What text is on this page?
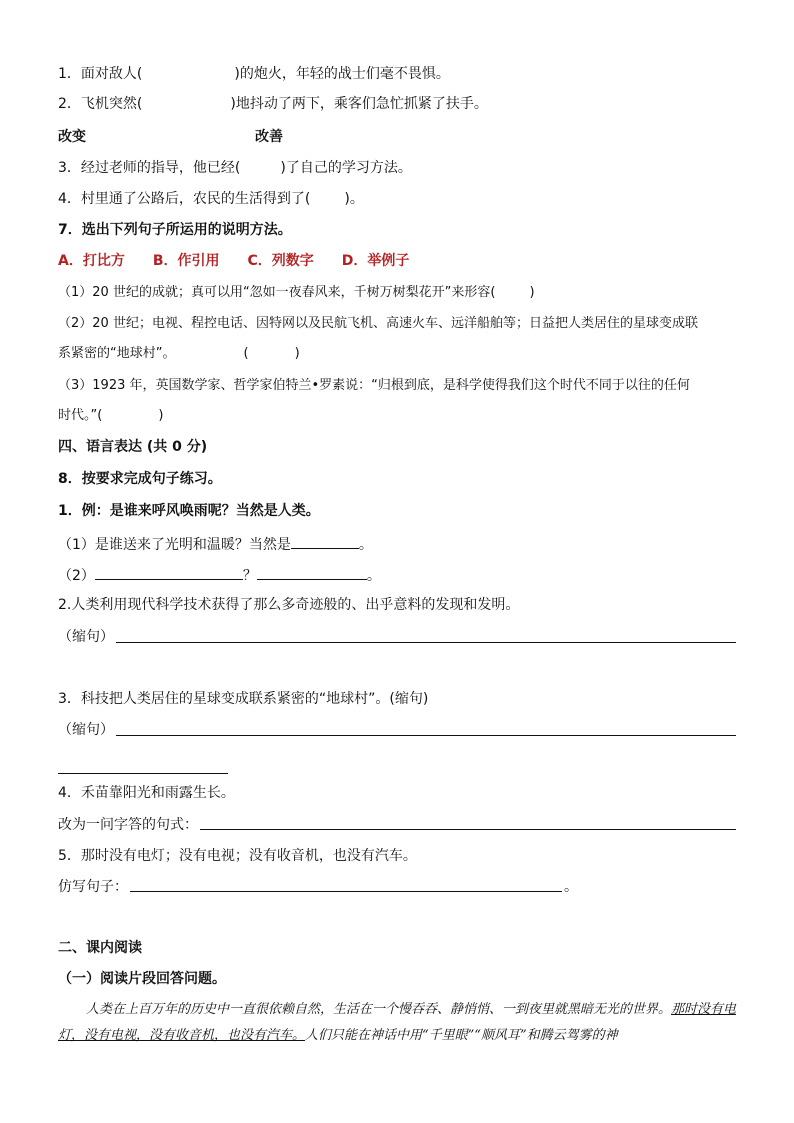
1．面对敌人(	)的炮火，年轻的战士们毫不畏惧。
2．飞机突然(	)地抖动了两下，乘客们急忙抓紧了扶手。
改变	改善
3．经过老师的指导，他已经(	)了自己的学习方法。
4．村里通了公路后，农民的生活得到了( )。
7．选出下列句子所运用的说明方法。
A．打比方 B．作引用 C．列数字 D．举例子
（1）20 世纪的成就；真可以用“忽如一夜春风来，千树万树梨花开”来形容(	)
（2）20 世纪；电视、程控电话、因特网以及民航飞机、高速火车、远洋船舶等；日益把人类居住的星球变成联
系紧密的“地球村”。	(	)
（3）1923 年，英国数学家、哲学家伯特兰•罗素说：“归根到底，是科学使得我们这个时代不同于以往的任何
时代。”(	)
四、语言表达 (共 0 分)
8．按要求完成句子练习。
1．例：是谁来呼风唤雨呢？当然是人类。
（1）是谁送来了光明和温暖？当然是	。
（2）	？	。
2.人类利用现代科学技术获得了那么多奇迹般的、出乎意料的发现和发明。
（缩句）
3．科技把人类居住的星球变成联系紧密的“地球村”。(缩句)
（缩句）
4．禾苗靠阳光和雨露生长。
改为一问字答的句式：
5．那时没有电灯；没有电视；没有收音机，也没有汽车。
仿写句子：	。
二、课内阅读
（一）阅读片段回答问题。
人类在上百万年的历史中一直很依赖自然，生活在一个慢吞吞、静悄悄、一到夜里就黑暗无光的世界。那时没有电灯，没有电视，没有收音机，也没有汽车。人们只能在神话中用“千里眼”“顺风耳”和腾云驾雾的神
